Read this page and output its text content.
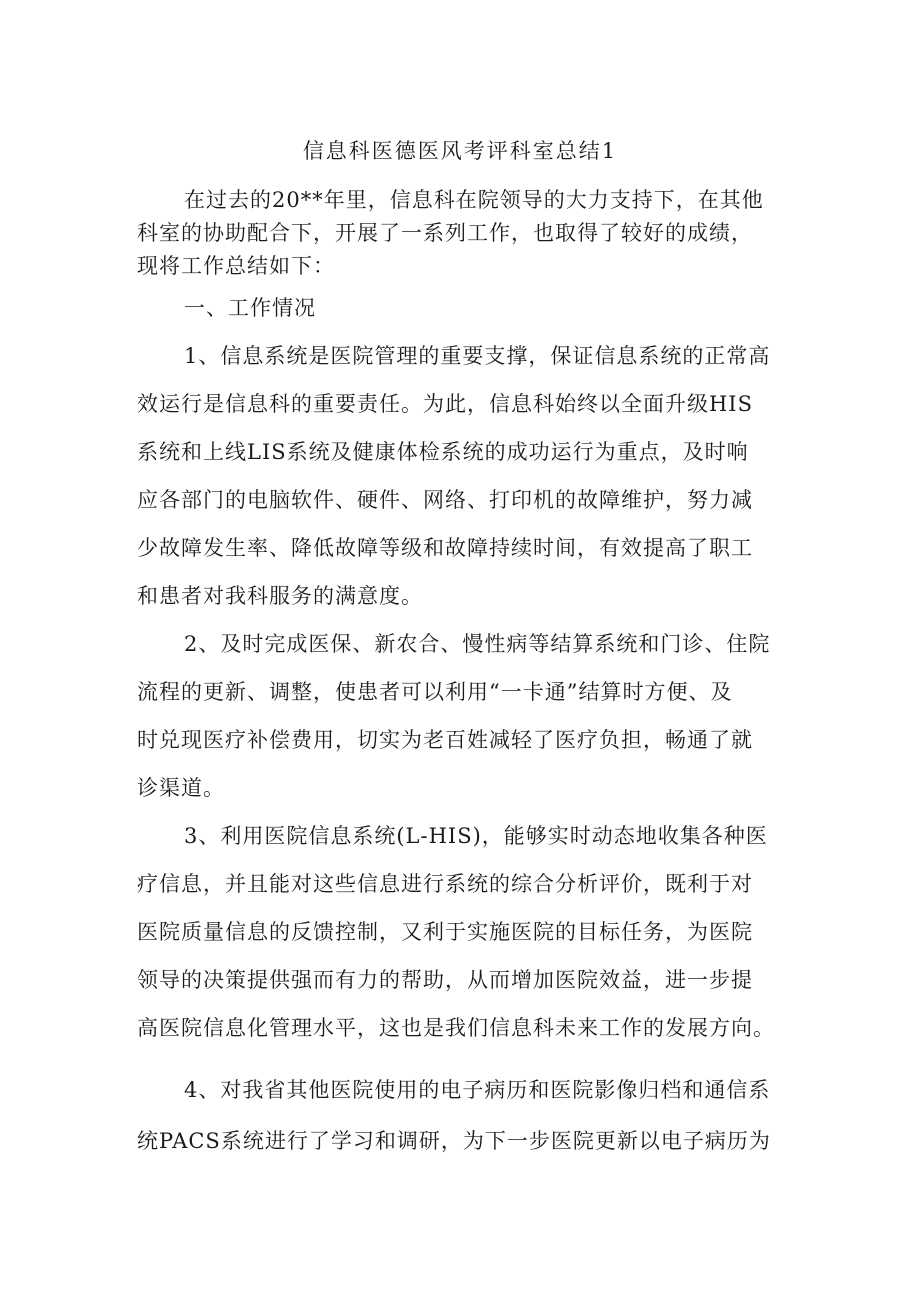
信息科医德医风考评科室总结1
在过去的20**年里，信息科在院领导的大力支持下，在其他
科室的协助配合下，开展了一系列工作，也取得了较好的成绩，
现将工作总结如下：
一、工作情况
1、信息系统是医院管理的重要支撑，保证信息系统的正常高
效运行是信息科的重要责任。为此，信息科始终以全面升级HIS
系统和上线LIS系统及健康体检系统的成功运行为重点，及时响
应各部门的电脑软件、硬件、网络、打印机的故障维护，努力减
少故障发生率、降低故障等级和故障持续时间，有效提高了职工
和患者对我科服务的满意度。
2、及时完成医保、新农合、慢性病等结算系统和门诊、住院
流程的更新、调整，使患者可以利用“一卡通”结算时方便、及
时兑现医疗补偿费用，切实为老百姓减轻了医疗负担，畅通了就
诊渠道。
3、利用医院信息系统(L-HIS)，能够实时动态地收集各种医
疗信息，并且能对这些信息进行系统的综合分析评价，既利于对
医院质量信息的反馈控制，又利于实施医院的目标任务，为医院
领导的决策提供强而有力的帮助，从而增加医院效益，进一步提
高医院信息化管理水平，这也是我们信息科未来工作的发展方向。
4、对我省其他医院使用的电子病历和医院影像归档和通信系
统PACS系统进行了学习和调研，为下一步医院更新以电子病历为
